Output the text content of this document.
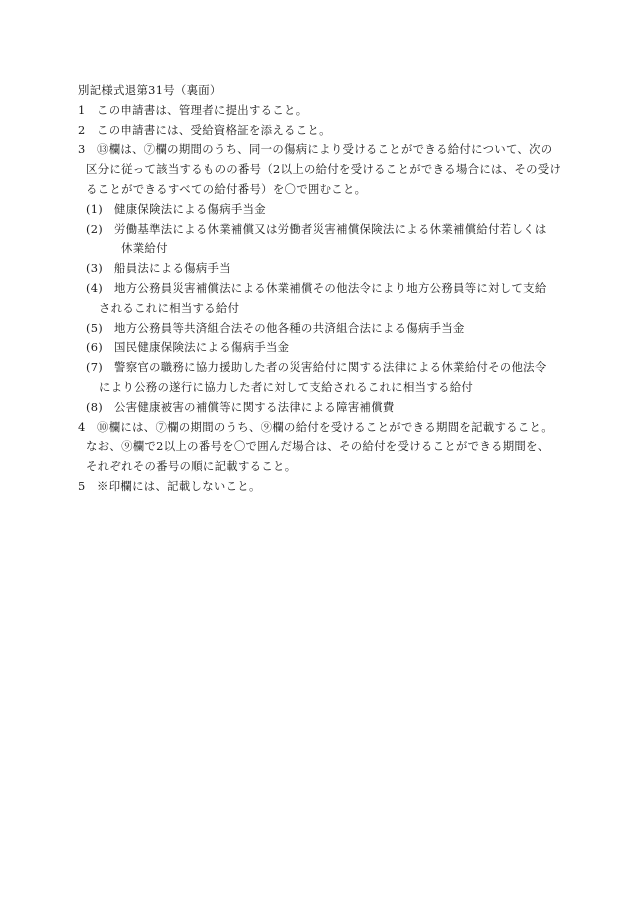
別記様式退第31号（裏面）
1 この申請書は、管理者に提出すること。
2 この申請書には、受給資格証を添えること。
3 ⑬欄は、⑦欄の期間のうち、同一の傷病により受けることができる給付について、次の
区分に従って該当するものの番号（2以上の給付を受けることができる場合には、その受け
ることができるすべての給付番号）を〇で囲むこと。
(1) 健康保険法による傷病手当金
(2) 労働基準法による休業補償又は労働者災害補償保険法による休業補償給付若しくは
休業給付
(3) 船員法による傷病手当
(4) 地方公務員災害補償法による休業補償その他法令により地方公務員等に対して支給
されるこれに相当する給付
(5) 地方公務員等共済組合法その他各種の共済組合法による傷病手当金
(6) 国民健康保険法による傷病手当金
(7) 警察官の職務に協力援助した者の災害給付に関する法律による休業給付その他法令
により公務の遂行に協力した者に対して支給されるこれに相当する給付
(8) 公害健康被害の補償等に関する法律による障害補償費
4 ⑩欄には、⑦欄の期間のうち、⑨欄の給付を受けることができる期間を記載すること。
なお、⑨欄で2以上の番号を〇で囲んだ場合は、その給付を受けることができる期間を、
それぞれその番号の順に記載すること。
5 ※印欄には、記載しないこと。
